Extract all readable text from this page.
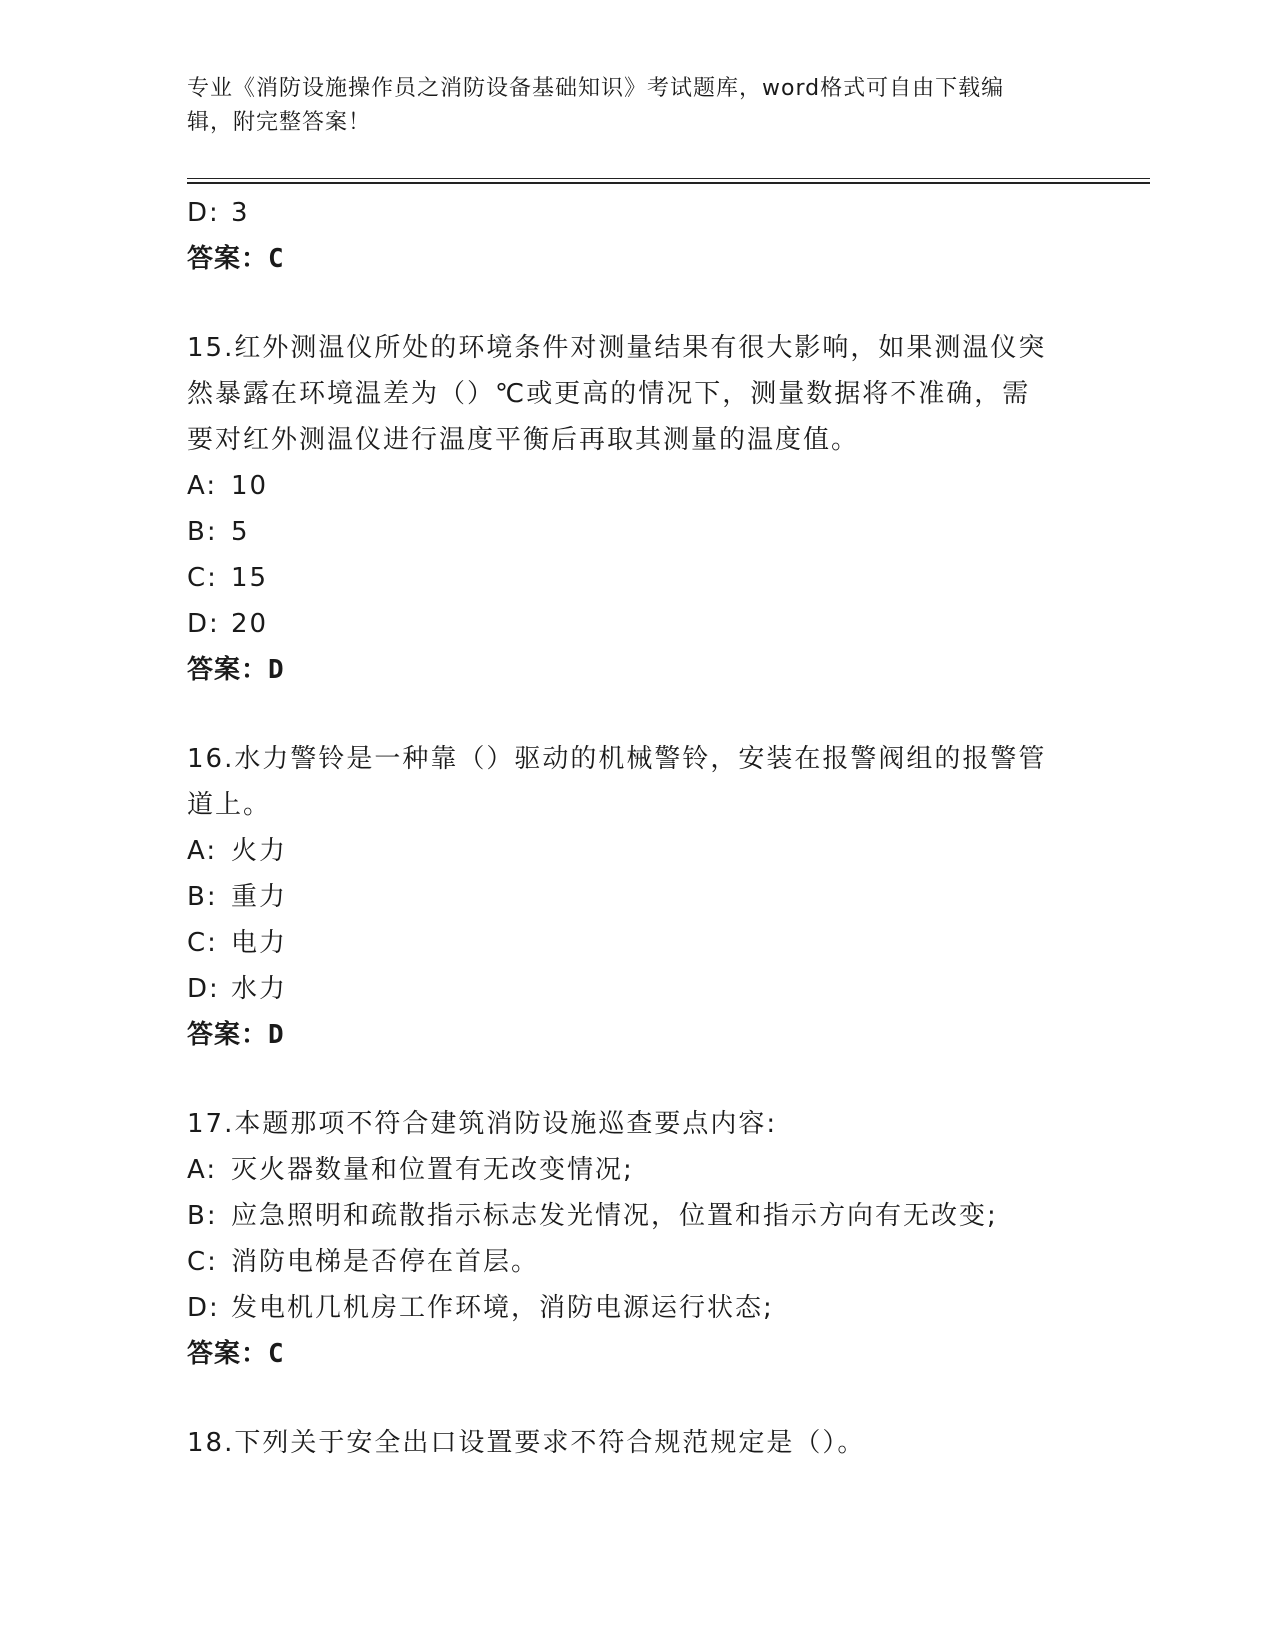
专业《消防设施操作员之消防设备基础知识》考试题库，word格式可自由下载编
辑，附完整答案！
D: 3
答案：C
15.红外测温仪所处的环境条件对测量结果有很大影响，如果测温仪突
然暴露在环境温差为（）℃或更高的情况下，测量数据将不准确，需
要对红外测温仪进行温度平衡后再取其测量的温度值。
A: 10
B: 5
C: 15
D: 20
答案：D
16.水力警铃是一种靠（）驱动的机械警铃，安装在报警阀组的报警管
道上。
A: 火力
B: 重力
C: 电力
D: 水力
答案：D
17.本题那项不符合建筑消防设施巡查要点内容:
A: 灭火器数量和位置有无改变情况;
B: 应急照明和疏散指示标志发光情况，位置和指示方向有无改变;
C: 消防电梯是否停在首层。
D: 发电机几机房工作环境，消防电源运行状态;
答案：C
18.下列关于安全出口设置要求不符合规范规定是（）。
